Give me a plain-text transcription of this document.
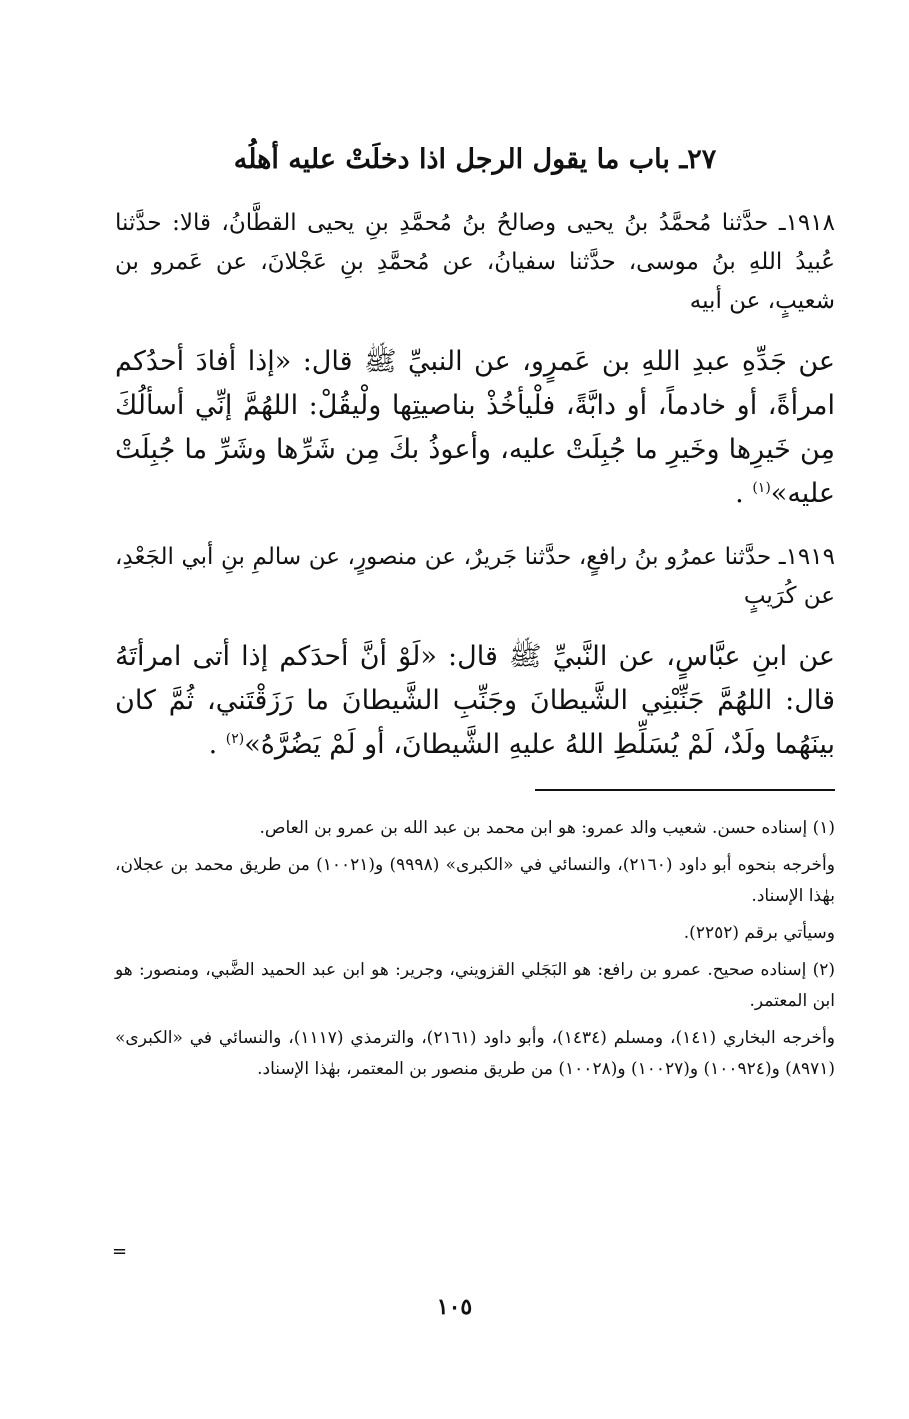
٢٧ـ باب ما يقول الرجل اذا دخلَتْ عليه أهلُه

١٩١٨ـ حدَّثنا مُحمَّدُ بنُ يحيى وصالحُ بنُ مُحمَّدِ بنِ يحيى القطَّانُ، قالا: حدَّثنا عُبيدُ اللهِ بنُ موسى، حدَّثنا سفيانُ، عن مُحمَّدِ بنِ عَجْلانَ، عن عَمرو بن شعيبٍ، عن أبيه

عن جَدِّهِ عبدِ اللهِ بن عَمرٍو، عن النبيِّ ﷺ قال: «إذا أفادَ أحدُكم امرأةً، أو خادماً، أو دابَّةً، فلْيأخُذْ بناصيتِها ولْيقُلْ: اللهُمَّ إنِّي أسألُكَ مِن خَيرِها وخَيرِ ما جُبِلَتْ عليه، وأعوذُ بكَ مِن شَرِّها وشَرِّ ما جُبِلَتْ عليه»$^{(١)}$ .

١٩١٩ـ حدَّثنا عمرُو بنُ رافعٍ، حدَّثنا جَريرٌ، عن منصورٍ، عن سالمِ بنِ أبي الجَعْدِ، عن كُرَيبٍ

عن ابنِ عبَّاسٍ، عن النَّبيِّ ﷺ قال: «لَوْ أنَّ أحدَكم إذا أتى امرأتَهُ قال: اللهُمَّ جَنِّبْنِي الشَّيطانَ وجَنِّبِ الشَّيطانَ ما رَزَقْتَني، ثُمَّ كان بينَهُما ولَدٌ، لَمْ يُسَلِّطِ اللهُ عليهِ الشَّيطانَ، أو لَمْ يَضُرَّهُ»$^{(٢)}$ .

(١) إسناده حسن. شعيب والد عمرو: هو ابن محمد بن عبد الله بن عمرو بن العاص.

وأخرجه بنحوه أبو داود (٢١٦٠)، والنسائي في «الكبرى» (٩٩٩٨) و(١٠٠٢١) من طريق محمد بن عجلان، بهٰذا الإسناد.

وسيأتي برقم (٢٢٥٢).

(٢) إسناده صحيح. عمرو بن رافع: هو البَجَلي القزويني، وجرير: هو ابن عبد الحميد الضَّبي، ومنصور: هو ابن المعتمر.

وأخرجه البخاري (١٤١)، ومسلم (١٤٣٤)، وأبو داود (٢١٦١)، والترمذي (١١١٧)، والنسائي في «الكبرى» (٨٩٧١) و(١٠٠٩٢٤) و(١٠٠٢٧) و(١٠٠٢٨) من طريق منصور بن المعتمر، بهٰذا الإسناد.

=
١٠٥
